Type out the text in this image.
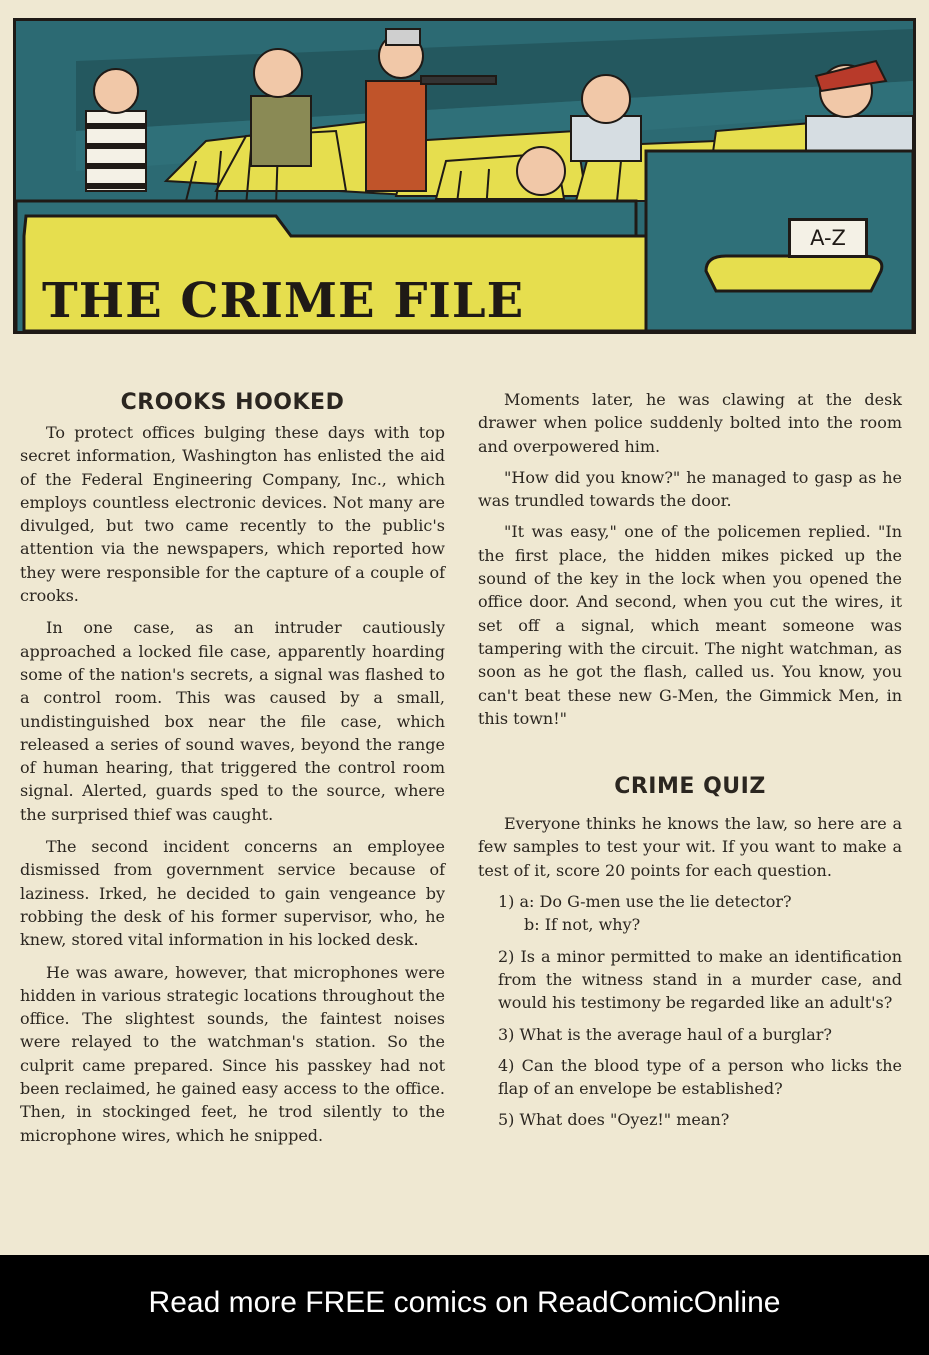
A-Z
THE CRIME FILE
CROOKS HOOKED

To protect offices bulging these days with top secret information, Washington has enlisted the aid of the Federal Engineering Company, Inc., which employs countless electronic devices. Not many are divulged, but two came recently to the public's attention via the newspapers, which reported how they were responsible for the capture of a couple of crooks.

In one case, as an intruder cautiously approached a locked file case, apparently hoarding some of the nation's secrets, a signal was flashed to a control room. This was caused by a small, undistinguished box near the file case, which released a series of sound waves, beyond the range of human hearing, that triggered the control room signal. Alerted, guards sped to the source, where the surprised thief was caught.

The second incident concerns an employee dismissed from government service because of laziness. Irked, he decided to gain vengeance by robbing the desk of his former supervisor, who, he knew, stored vital information in his locked desk.

He was aware, however, that microphones were hidden in various strategic locations throughout the office. The slightest sounds, the faintest noises were relayed to the watchman's station. So the culprit came prepared. Since his passkey had not been reclaimed, he gained easy access to the office. Then, in stockinged feet, he trod silently to the microphone wires, which he snipped.

Moments later, he was clawing at the desk drawer when police suddenly bolted into the room and overpowered him.

"How did you know?" he managed to gasp as he was trundled towards the door.

"It was easy," one of the policemen replied. "In the first place, the hidden mikes picked up the sound of the key in the lock when you opened the office door. And second, when you cut the wires, it set off a signal, which meant someone was tampering with the circuit. The night watchman, as soon as he got the flash, called us. You know, you can't beat these new G-Men, the Gimmick Men, in this town!"

CRIME QUIZ

Everyone thinks he knows the law, so here are a few samples to test your wit. If you want to make a test of it, score 20 points for each question.

1) a: Do G-men use the lie detector?
b: If not, why?

2) Is a minor permitted to make an identification from the witness stand in a murder case, and would his testimony be regarded like an adult's?

3) What is the average haul of a burglar?

4) Can the blood type of a person who licks the flap of an envelope be established?

5) What does "Oyez!" mean?

Read more FREE comics on ReadComicOnline
